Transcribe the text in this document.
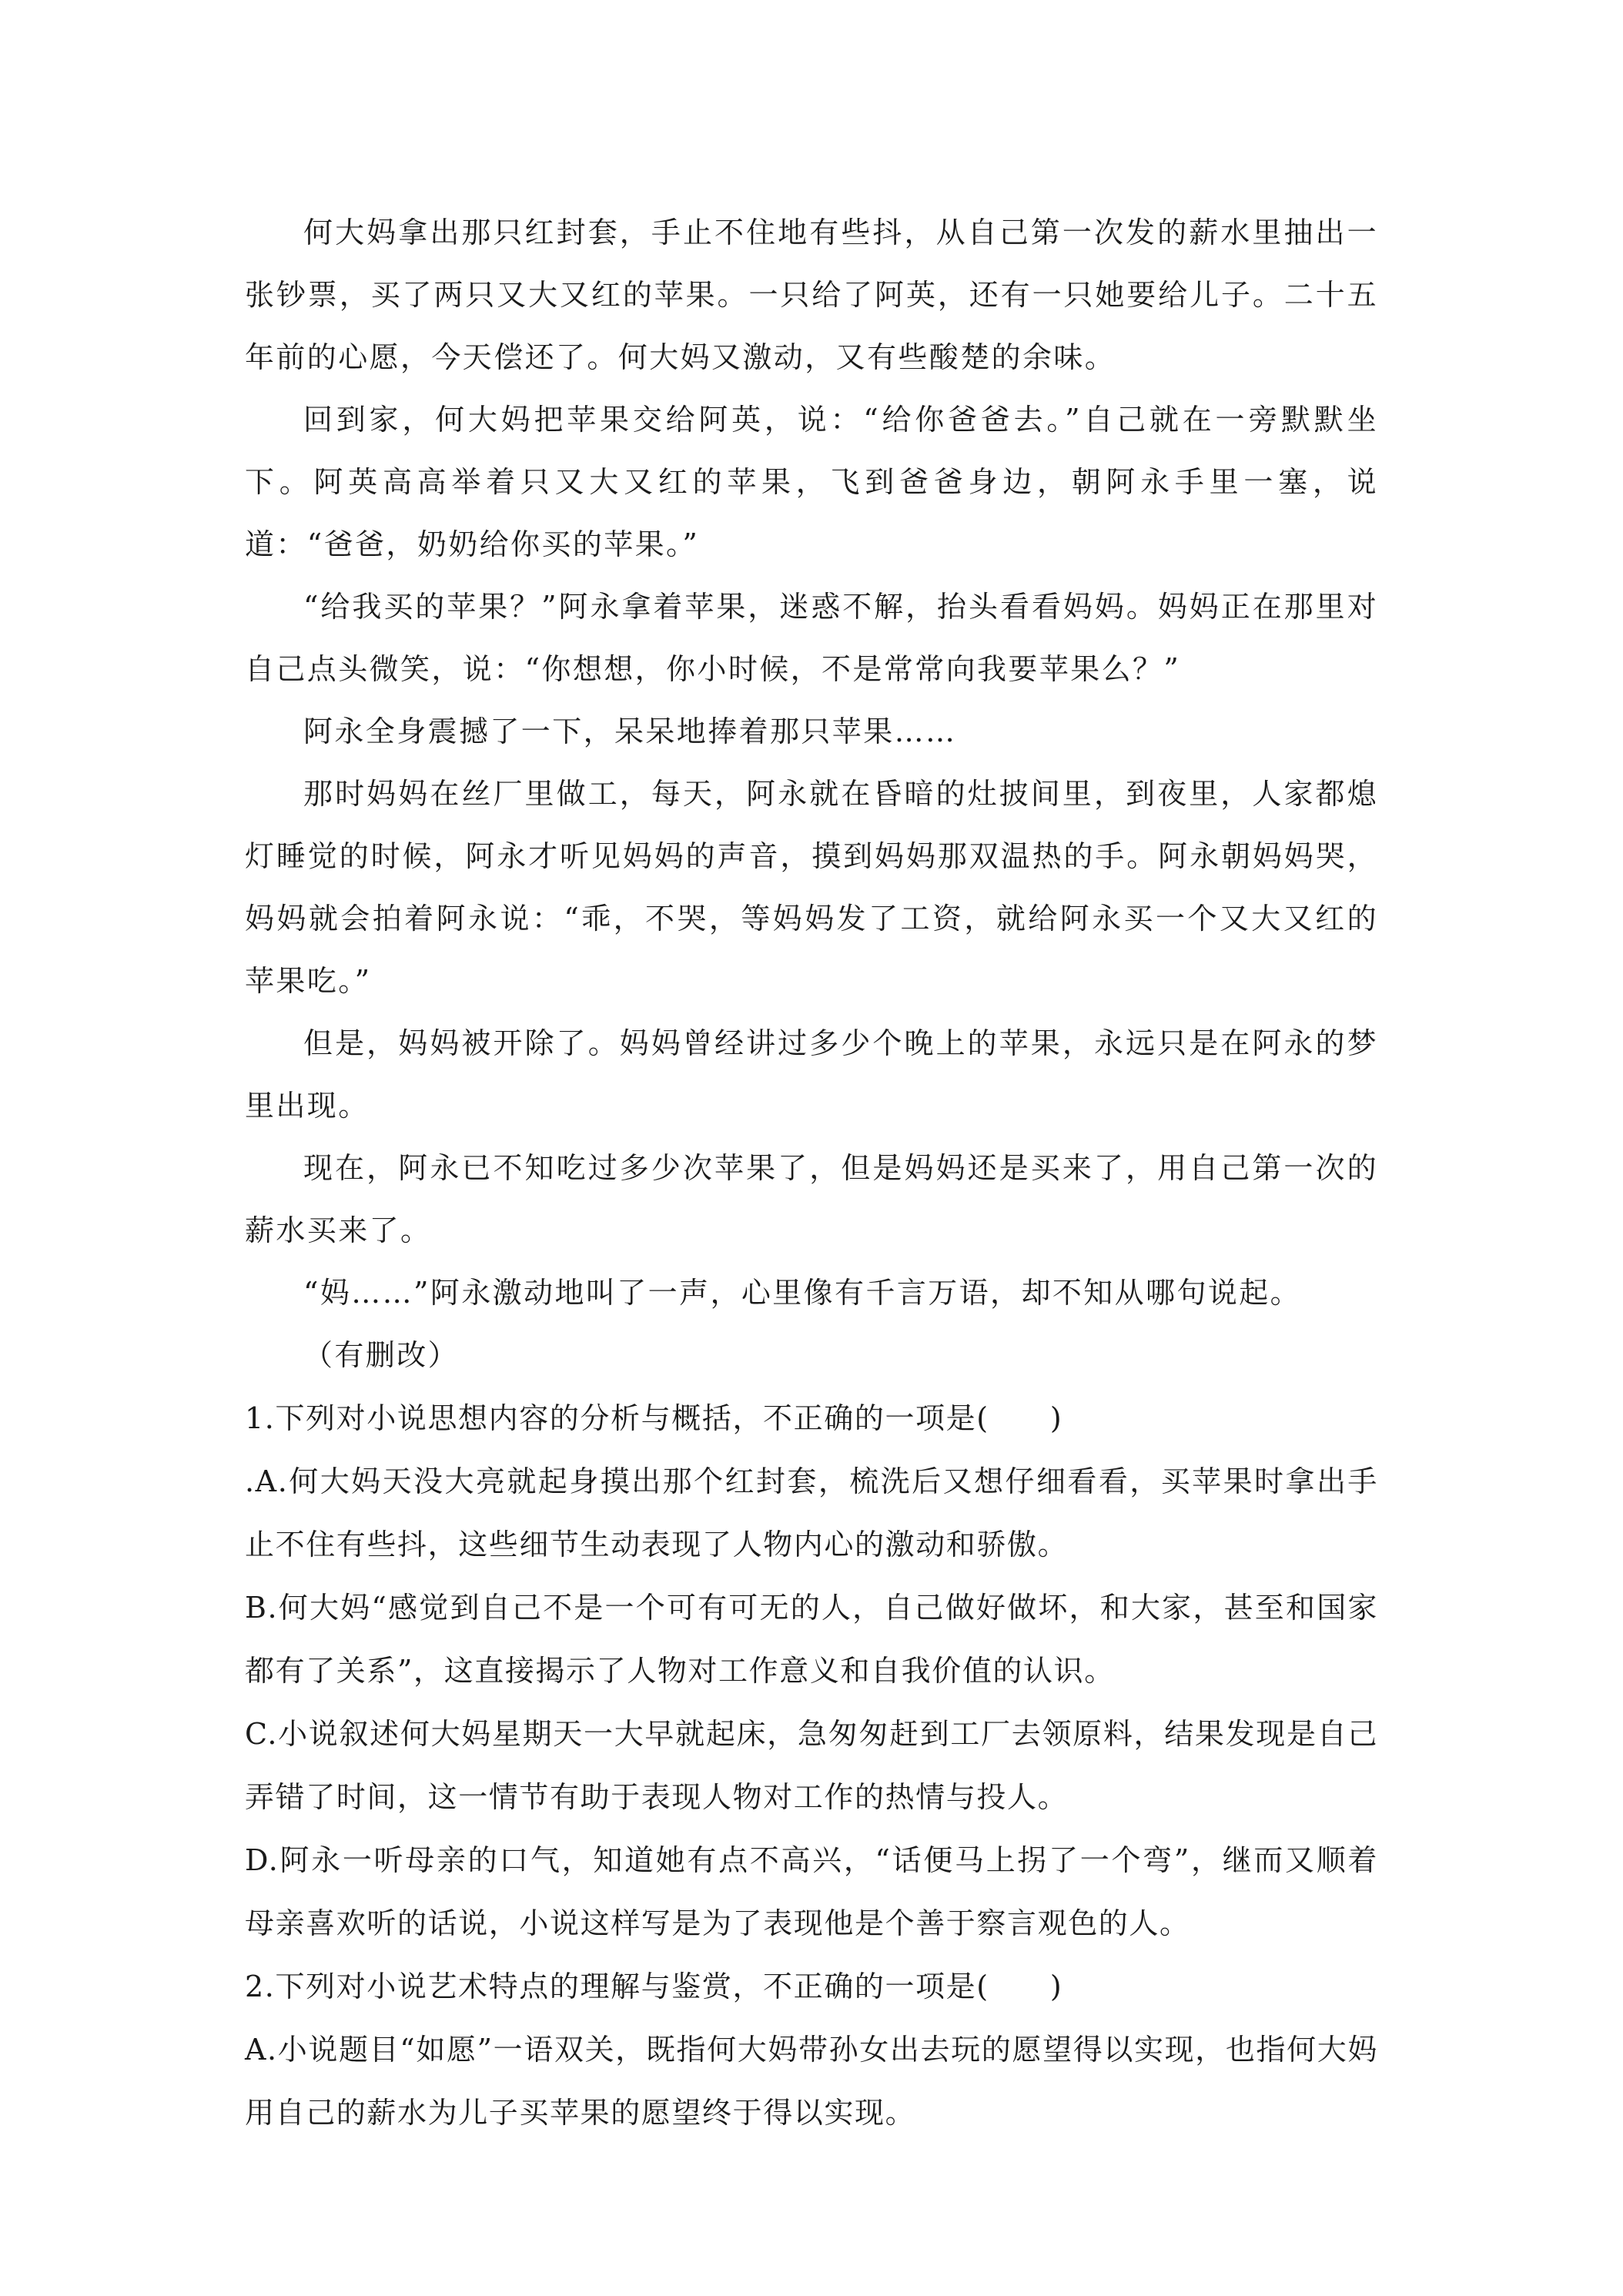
何大妈拿出那只红封套，手止不住地有些抖，从自己第一次发的薪水里抽出一张钞票，买了两只又大又红的苹果。一只给了阿英，还有一只她要给儿子。二十五年前的心愿，今天偿还了。何大妈又激动，又有些酸楚的余味。

回到家，何大妈把苹果交给阿英，说：“给你爸爸去。”自己就在一旁默默坐下。阿英高高举着只又大又红的苹果，飞到爸爸身边，朝阿永手里一塞，说道：“爸爸，奶奶给你买的苹果。”

“给我买的苹果？”阿永拿着苹果，迷惑不解，抬头看看妈妈。妈妈正在那里对自己点头微笑，说：“你想想，你小时候，不是常常向我要苹果么？”

阿永全身震撼了一下，呆呆地捧着那只苹果……

那时妈妈在丝厂里做工，每天，阿永就在昏暗的灶披间里，到夜里，人家都熄灯睡觉的时候，阿永才听见妈妈的声音，摸到妈妈那双温热的手。阿永朝妈妈哭，妈妈就会拍着阿永说：“乖，不哭，等妈妈发了工资，就给阿永买一个又大又红的苹果吃。”

但是，妈妈被开除了。妈妈曾经讲过多少个晚上的苹果，永远只是在阿永的梦里出现。

现在，阿永已不知吃过多少次苹果了，但是妈妈还是买来了，用自己第一次的薪水买来了。

“妈……”阿永激动地叫了一声，心里像有千言万语，却不知从哪句说起。

（有删改）

1.下列对小说思想内容的分析与概括，不正确的一项是(　　)

.A.何大妈天没大亮就起身摸出那个红封套，梳洗后又想仔细看看，买苹果时拿出手止不住有些抖，这些细节生动表现了人物内心的激动和骄傲。

B.何大妈“感觉到自己不是一个可有可无的人，自己做好做坏，和大家，甚至和国家都有了关系”，这直接揭示了人物对工作意义和自我价值的认识。

C.小说叙述何大妈星期天一大早就起床，急匆匆赶到工厂去领原料，结果发现是自己弄错了时间，这一情节有助于表现人物对工作的热情与投人。

D.阿永一听母亲的口气，知道她有点不高兴，“话便马上拐了一个弯”，继而又顺着母亲喜欢听的话说，小说这样写是为了表现他是个善于察言观色的人。

2.下列对小说艺术特点的理解与鉴赏，不正确的一项是(　　)

A.小说题目“如愿”一语双关，既指何大妈带孙女出去玩的愿望得以实现，也指何大妈用自己的薪水为儿子买苹果的愿望终于得以实现。
